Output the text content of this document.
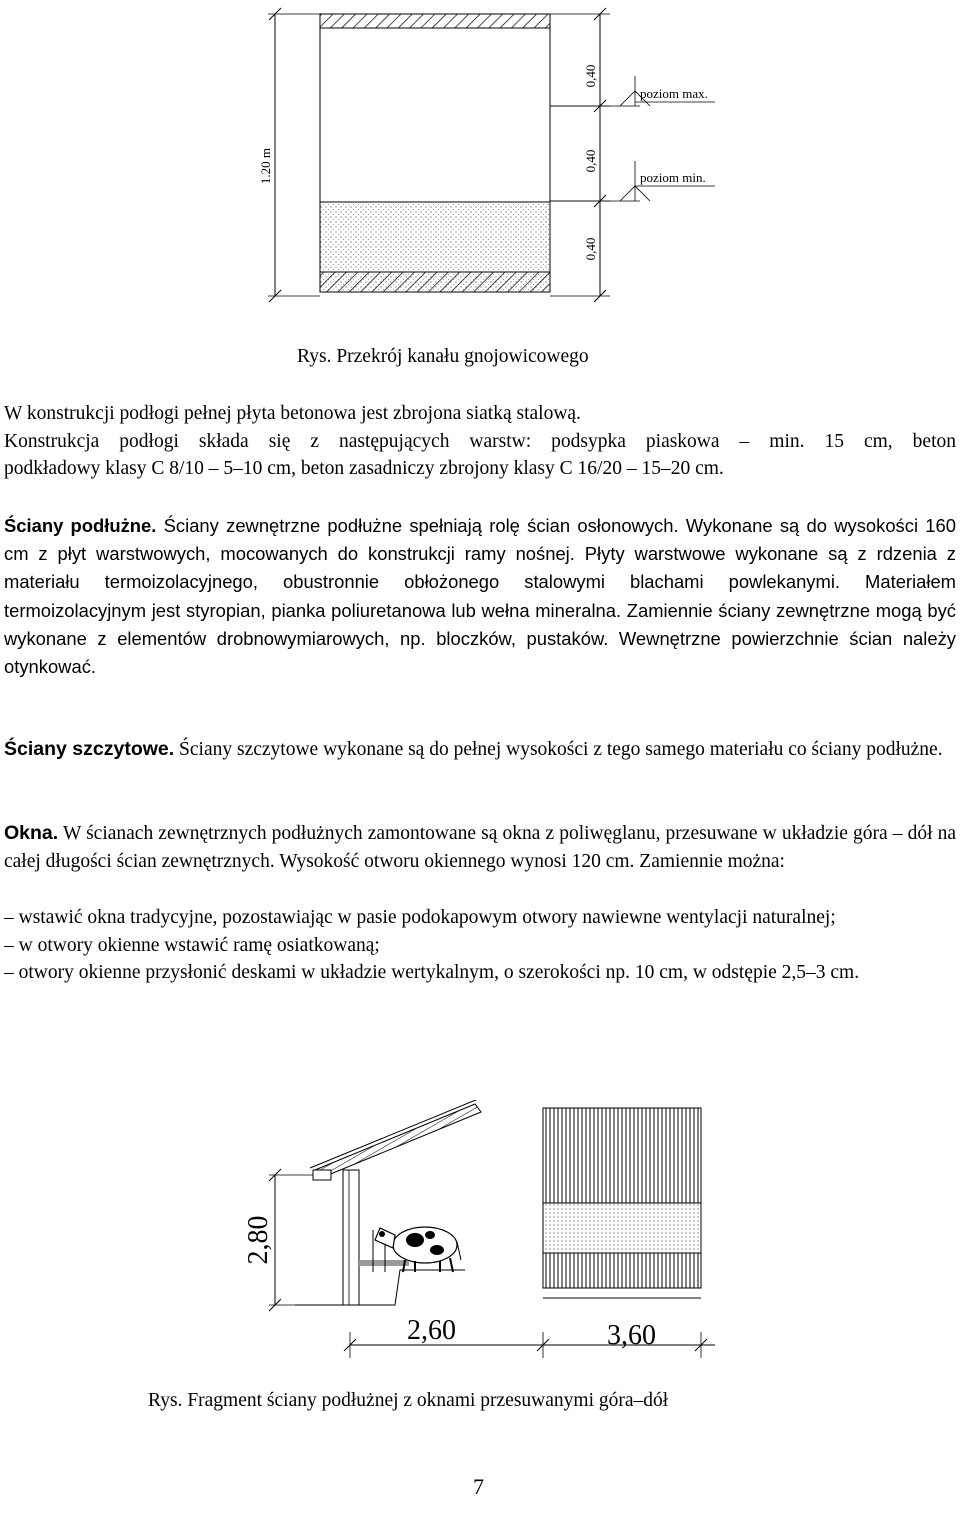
1.20 m
0,40
0,40
0,40
poziom max.
poziom min.
Rys. Przekrój kanału gnojowicowego
W konstrukcji podłogi pełnej płyta betonowa jest zbrojona siatką stalową.
Konstrukcja podłogi składa się z następujących warstw: podsypka piaskowa – min. 15 cm, beton
podkładowy klasy C 8/10 – 5–10 cm, beton zasadniczy zbrojony klasy C 16/20 – 15–20 cm.
Ściany podłużne. Ściany zewnętrzne podłużne spełniają rolę ścian osłonowych. Wykonane są do wysokości 160 cm z płyt warstwowych, mocowanych do konstrukcji ramy nośnej. Płyty warstwowe wykonane są z rdzenia z materiału termoizolacyjnego, obustronnie obłożonego stalowymi blachami powlekanymi. Materiałem termoizolacyjnym jest styropian, pianka poliuretanowa lub wełna mineralna. Zamiennie ściany zewnętrzne mogą być wykonane z elementów drobnowymiarowych, np. bloczków, pustaków. Wewnętrzne powierzchnie ścian należy otynkować.
Ściany szczytowe. Ściany szczytowe wykonane są do pełnej wysokości z tego samego materiału co ściany podłużne.
Okna. W ścianach zewnętrznych podłużnych zamontowane są okna z poliwęglanu, przesuwane w układzie góra – dół na całej długości ścian zewnętrznych. Wysokość otworu okiennego wynosi 120 cm. Zamiennie można:
– wstawić okna tradycyjne, pozostawiając w pasie podokapowym otwory nawiewne wentylacji naturalnej;
– w otwory okienne wstawić ramę osiatkowaną;
– otwory okienne przysłonić deskami w układzie wertykalnym, o szerokości np. 10 cm, w odstępie 2,5–3 cm.
2,80
2,60	3,60
Rys. Fragment ściany podłużnej z oknami przesuwanymi góra–dół
7
